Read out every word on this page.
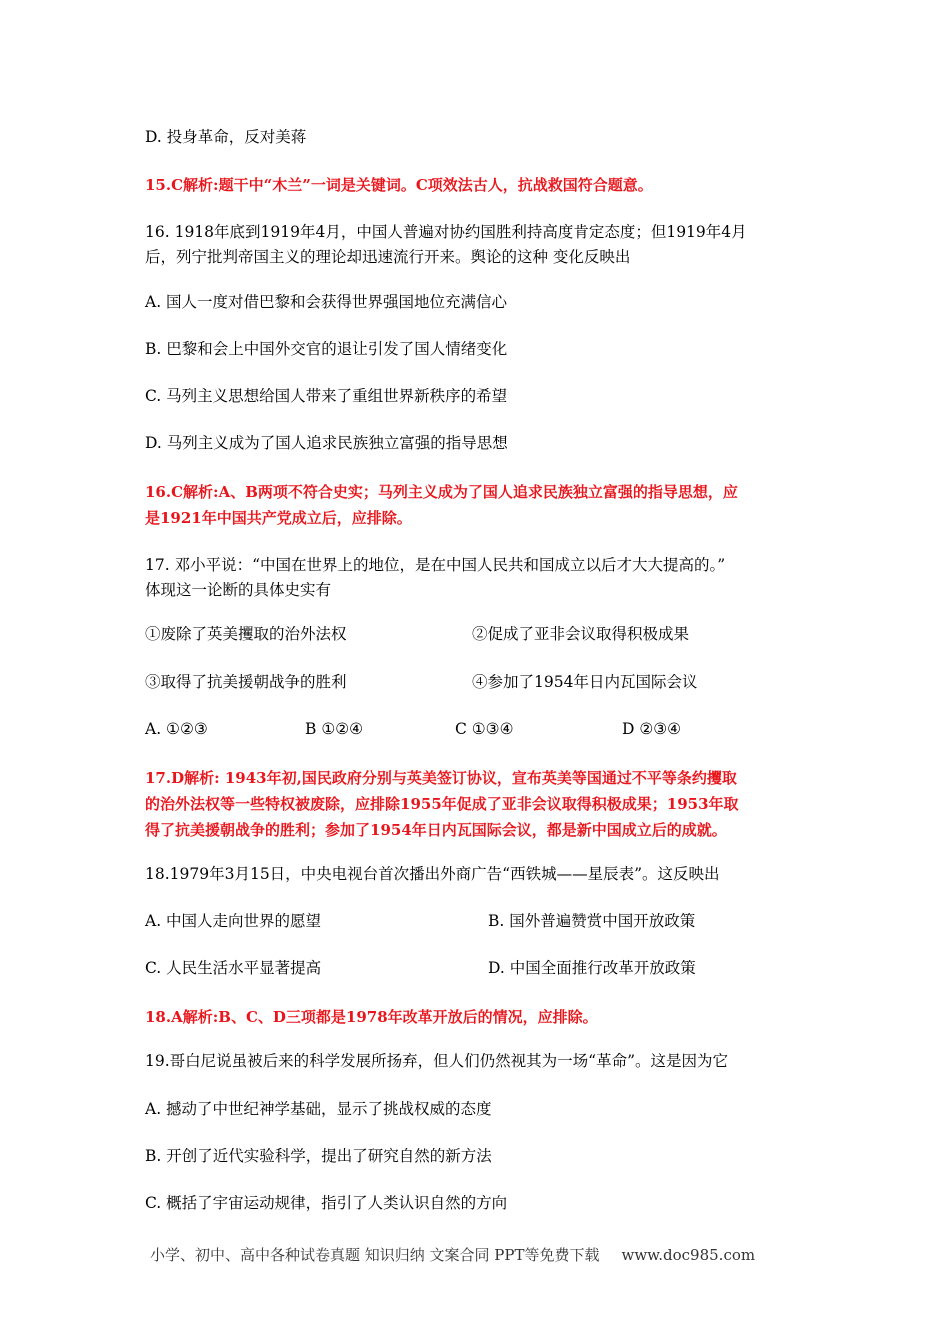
D. 投身革命，反对美蒋

15.C解析:题干中“木兰”一词是关键词。C项效法古人，抗战救国符合题意。

16. 1918年底到1919年4月，中国人普遍对协约国胜利持高度肯定态度；但1919年4月

后，列宁批判帝国主义的理论却迅速流行开来。舆论的这种 变化反映出

A. 国人一度对借巴黎和会获得世界强国地位充满信心

B. 巴黎和会上中国外交官的退让引发了国人情绪变化

C. 马列主义思想给国人带来了重组世界新秩序的希望

D. 马列主义成为了国人追求民族独立富强的指导思想

16.C解析:A、B两项不符合史实；马列主义成为了国人追求民族独立富强的指导思想，应

是1921年中国共产党成立后，应排除。

17. 邓小平说：“中国在世界上的地位，是在中国人民共和国成立以后才大大提高的。”

体现这一论断的具体史实有

①废除了英美攫取的治外法权	②促成了亚非会议取得积极成果

③取得了抗美援朝战争的胜利	④参加了1954年日内瓦国际会议

A. ①②③	B ①②④	C ①③④	D ②③④

17.D解析: 1943年初,国民政府分别与英美签订协议，宣布英美等国通过不平等条约攫取

的治外法权等一些特权被废除，应排除1955年促成了亚非会议取得积极成果；1953年取

得了抗美援朝战争的胜利；参加了1954年日内瓦国际会议，都是新中国成立后的成就。

18.1979年3月15日，中央电视台首次播出外商广告“西铁城——星辰表”。这反映出

A. 中国人走向世界的愿望	B. 国外普遍赞赏中国开放政策

C. 人民生活水平显著提高	D. 中国全面推行改革开放政策

18.A解析:B、C、D三项都是1978年改革开放后的情况，应排除。

19.哥白尼说虽被后来的科学发展所扬弃，但人们仍然视其为一场“革命”。这是因为它

A. 撼动了中世纪神学基础，显示了挑战权威的态度

B. 开创了近代实验科学，提出了研究自然的新方法

C. 概括了宇宙运动规律，指引了人类认识自然的方向

小学、初中、高中各种试卷真题 知识归纳 文案合同 PPT等免费下载 www.doc985.com
